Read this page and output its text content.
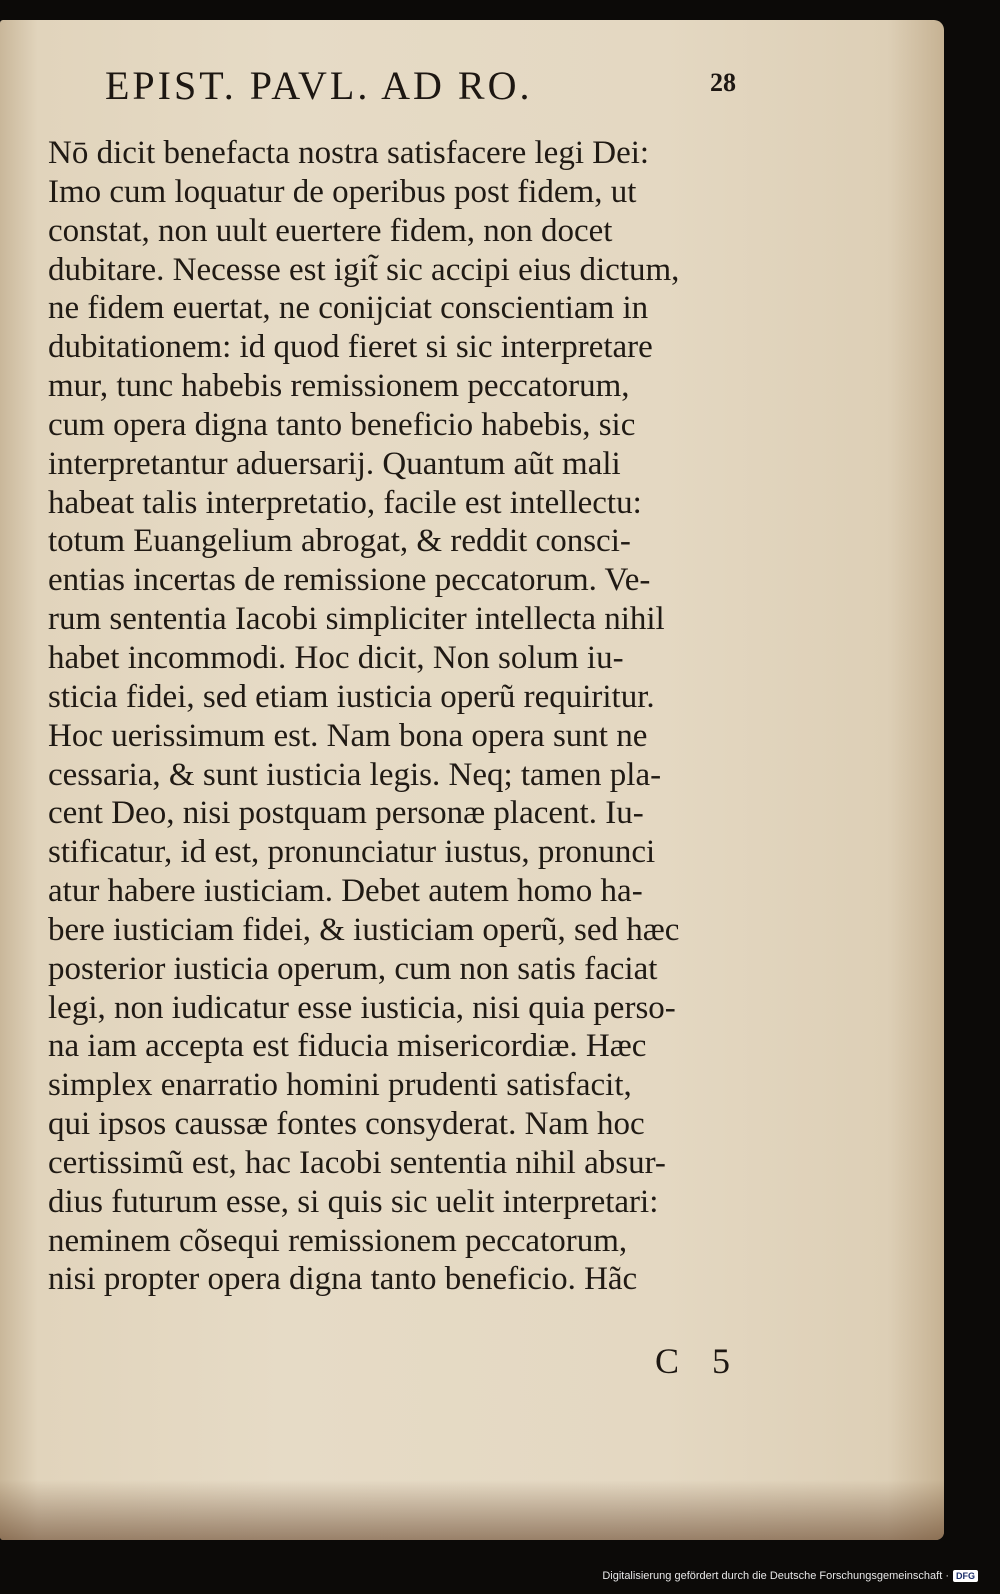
EPIST. PAVL. AD RO.	28
Nō dicit benefacta nostra satisfacere legi Dei:
Imo cum loquatur de operibus post fidem, ut
constat, non uult euertere fidem, non docet
dubitare. Necesse est igit̃ sic accipi eius dictum,
ne fidem euertat, ne conijciat conscientiam in
dubitationem: id quod fieret si sic interpretare
mur, tunc habebis remissionem peccatorum,
cum opera digna tanto beneficio habebis, sic
interpretantur aduersarij. Quantum aũt mali
habeat talis interpretatio, facile est intellectu:
totum Euangelium abrogat, & reddit consci-
entias incertas de remissione peccatorum. Ve-
rum sententia Iacobi simpliciter intellecta nihil
habet incommodi. Hoc dicit, Non solum iu-
sticia fidei, sed etiam iusticia operũ requiritur.
Hoc uerissimum est. Nam bona opera sunt ne
cessaria, & sunt iusticia legis. Neq; tamen pla-
cent Deo, nisi postquam personæ placent. Iu-
stificatur, id est, pronunciatur iustus, pronunci
atur habere iusticiam. Debet autem homo ha-
bere iusticiam fidei, & iusticiam operũ, sed hæc
posterior iusticia operum, cum non satis faciat
legi, non iudicatur esse iusticia, nisi quia perso-
na iam accepta est fiducia misericordiæ. Hæc
simplex enarratio homini prudenti satisfacit,
qui ipsos caussæ fontes consyderat. Nam hoc
certissimũ est, hac Iacobi sententia nihil absur-
dius futurum esse, si quis sic uelit interpretari:
neminem cõsequi remissionem peccatorum,
nisi propter opera digna tanto beneficio. Hãc
C 5
Digitalisierung gefördert durch die Deutsche Forschungsgemeinschaft · DFG
